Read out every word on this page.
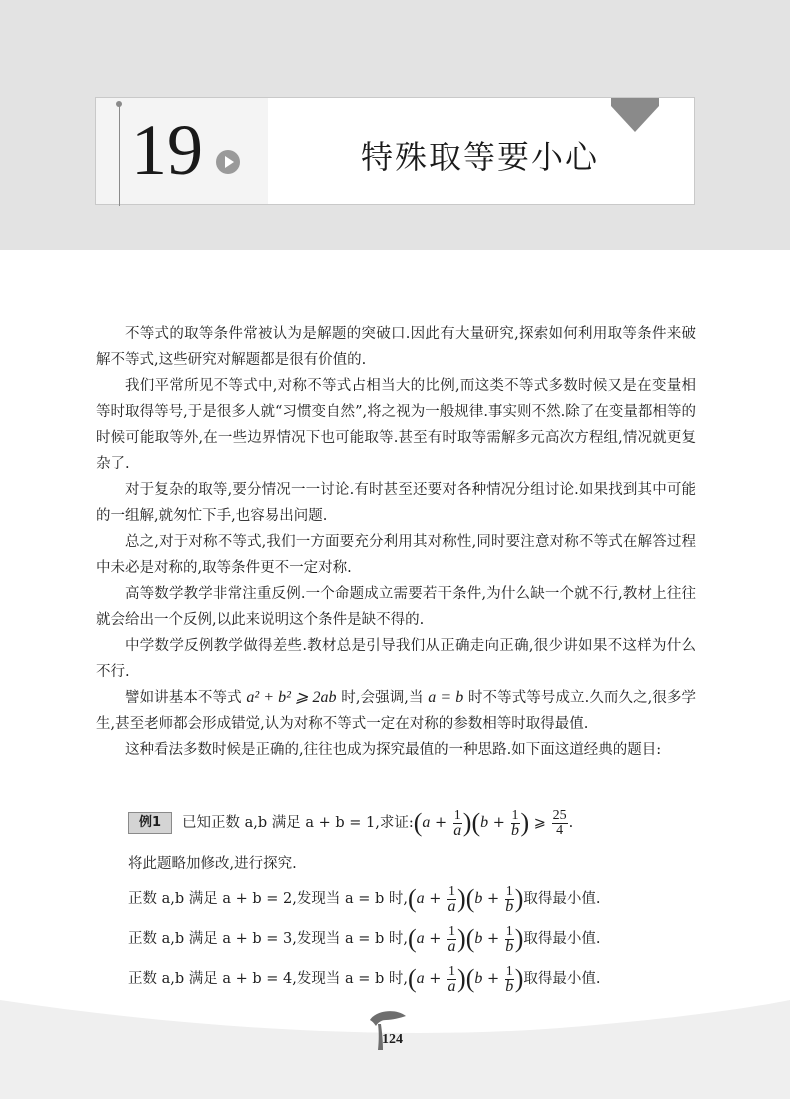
19	特殊取等要小心

不等式的取等条件常被认为是解题的突破口.因此有大量研究,探索如何利用取等条件来破解不等式,这些研究对解题都是很有价值的.

我们平常所见不等式中,对称不等式占相当大的比例,而这类不等式多数时候又是在变量相等时取得等号,于是很多人就“习惯变自然”,将之视为一般规律.事实则不然.除了在变量都相等的时候可能取等外,在一些边界情况下也可能取等.甚至有时取等需解多元高次方程组,情况就更复杂了.

对于复杂的取等,要分情况一一讨论.有时甚至还要对各种情况分组讨论.如果找到其中可能的一组解,就匆忙下手,也容易出问题.

总之,对于对称不等式,我们一方面要充分利用其对称性,同时要注意对称不等式在解答过程中未必是对称的,取等条件更不一定对称.

高等数学教学非常注重反例.一个命题成立需要若干条件,为什么缺一个就不行,教材上往往就会给出一个反例,以此来说明这个条件是缺不得的.

中学数学反例教学做得差些.教材总是引导我们从正确走向正确,很少讲如果不这样为什么不行.

譬如讲基本不等式 a² + b² ⩾ 2ab 时,会强调,当 a = b 时不等式等号成立.久而久之,很多学生,甚至老师都会形成错觉,认为对称不等式一定在对称的参数相等时取得最值.

这种看法多数时候是正确的,往往也成为探究最值的一种思路.如下面这道经典的题目:

例1 已知正数 a,b 满足 a + b = 1,求证:(a + $\frac{1}{a} )(b + \frac{1}{b}$ ) ⩾ $\frac{25}{4}$ .
将此题略加修改,进行探究.
正数 a,b 满足 a + b = 2,发现当 a = b 时$,(a + \frac{1}{a} )(b + \frac{1}{b}$ )取得最小值.
正数 a,b 满足 a + b = 3,发现当 a = b 时$,(a + \frac{1}{a} )(b + \frac{1}{b}$ )取得最小值.
正数 a,b 满足 a + b = 4,发现当 a = b 时$,(a + \frac{1}{a} )(b + \frac{1}{b}$ )取得最小值.
124
